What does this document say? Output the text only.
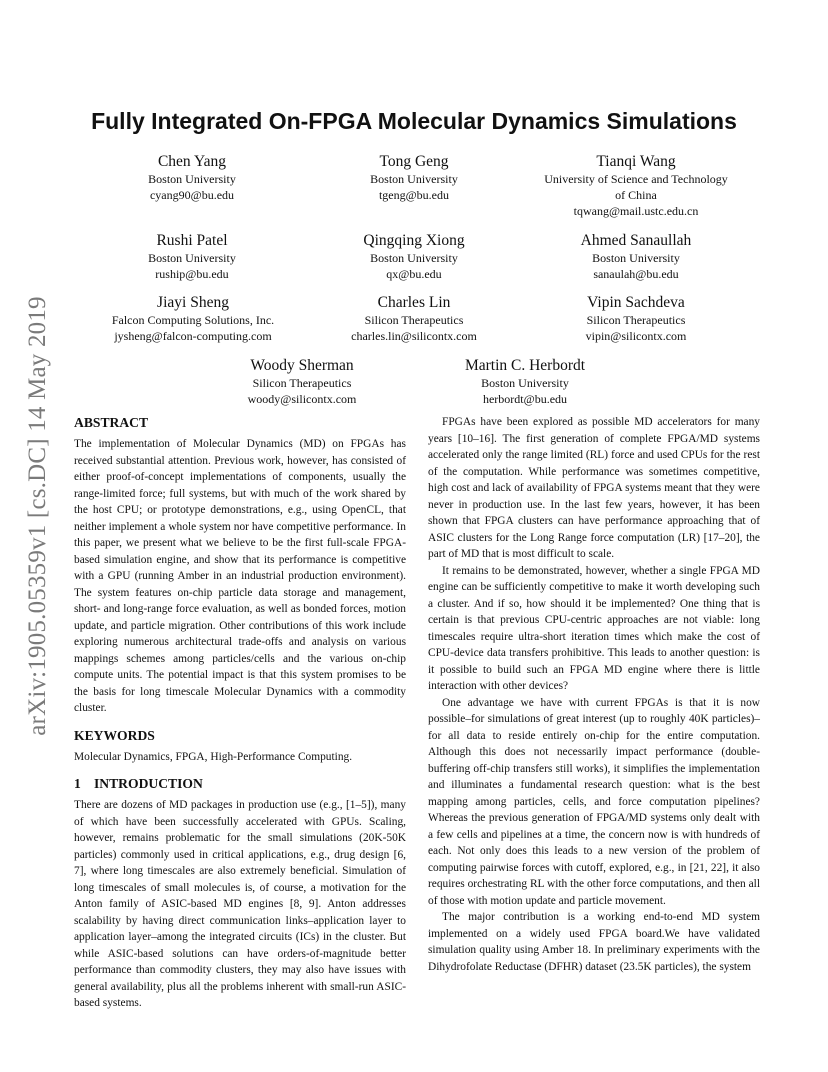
arXiv:1905.05359v1 [cs.DC] 14 May 2019
Fully Integrated On-FPGA Molecular Dynamics Simulations
Chen Yang
Boston University
cyang90@bu.edu
Tong Geng
Boston University
tgeng@bu.edu
Tianqi Wang
University of Science and Technology
of China
tqwang@mail.ustc.edu.cn
Rushi Patel
Boston University
ruship@bu.edu
Qingqing Xiong
Boston University
qx@bu.edu
Ahmed Sanaullah
Boston University
sanaulah@bu.edu
Jiayi Sheng
Falcon Computing Solutions, Inc.
jysheng@falcon-computing.com
Charles Lin
Silicon Therapeutics
charles.lin@silicontx.com
Vipin Sachdeva
Silicon Therapeutics
vipin@silicontx.com
Woody Sherman
Silicon Therapeutics
woody@silicontx.com
Martin C. Herbordt
Boston University
herbordt@bu.edu
ABSTRACT

The implementation of Molecular Dynamics (MD) on FPGAs has received substantial attention. Previous work, however, has consisted of either proof-of-concept implementations of components, usually the range-limited force; full systems, but with much of the work shared by the host CPU; or prototype demonstrations, e.g., using OpenCL, that neither implement a whole system nor have competitive performance. In this paper, we present what we believe to be the first full-scale FPGA-based simulation engine, and show that its performance is competitive with a GPU (running Amber in an industrial production environment). The system features on-chip particle data storage and management, short- and long-range force evaluation, as well as bonded forces, motion update, and particle migration. Other contributions of this work include exploring numerous architectural trade-offs and analysis on various mappings schemes among particles/cells and the various on-chip compute units. The potential impact is that this system promises to be the basis for long timescale Molecular Dynamics with a commodity cluster.

KEYWORDS

Molecular Dynamics, FPGA, High-Performance Computing.

1 INTRODUCTION

There are dozens of MD packages in production use (e.g., [1–5]), many of which have been successfully accelerated with GPUs. Scaling, however, remains problematic for the small simulations (20K-50K particles) commonly used in critical applications, e.g., drug design [6, 7], where long timescales are also extremely beneficial. Simulation of long timescales of small molecules is, of course, a motivation for the Anton family of ASIC-based MD engines [8, 9]. Anton addresses scalability by having direct communication links–application layer to application layer–among the integrated circuits (ICs) in the cluster. But while ASIC-based solutions can have orders-of-magnitude better performance than commodity clusters, they may also have issues with general availability, plus all the problems inherent with small-run ASIC-based systems.

FPGAs have been explored as possible MD accelerators for many years [10–16]. The first generation of complete FPGA/MD systems accelerated only the range limited (RL) force and used CPUs for the rest of the computation. While performance was sometimes competitive, high cost and lack of availability of FPGA systems meant that they were never in production use. In the last few years, however, it has been shown that FPGA clusters can have performance approaching that of ASIC clusters for the Long Range force computation (LR) [17–20], the part of MD that is most difficult to scale.

It remains to be demonstrated, however, whether a single FPGA MD engine can be sufficiently competitive to make it worth developing such a cluster. And if so, how should it be implemented? One thing that is certain is that previous CPU-centric approaches are not viable: long timescales require ultra-short iteration times which make the cost of CPU-device data transfers prohibitive. This leads to another question: is it possible to build such an FPGA MD engine where there is little interaction with other devices?

One advantage we have with current FPGAs is that it is now possible–for simulations of great interest (up to roughly 40K particles)–for all data to reside entirely on-chip for the entire computation. Although this does not necessarily impact performance (double-buffering off-chip transfers still works), it simplifies the implementation and illuminates a fundamental research question: what is the best mapping among particles, cells, and force computation pipelines? Whereas the previous generation of FPGA/MD systems only dealt with a few cells and pipelines at a time, the concern now is with hundreds of each. Not only does this leads to a new version of the problem of computing pairwise forces with cutoff, explored, e.g., in [21, 22], it also requires orchestrating RL with the other force computations, and then all of those with motion update and particle movement.

The major contribution is a working end-to-end MD system implemented on a widely used FPGA board.We have validated simulation quality using Amber 18. In preliminary experiments with the Dihydrofolate Reductase (DFHR) dataset (23.5K particles), the system
